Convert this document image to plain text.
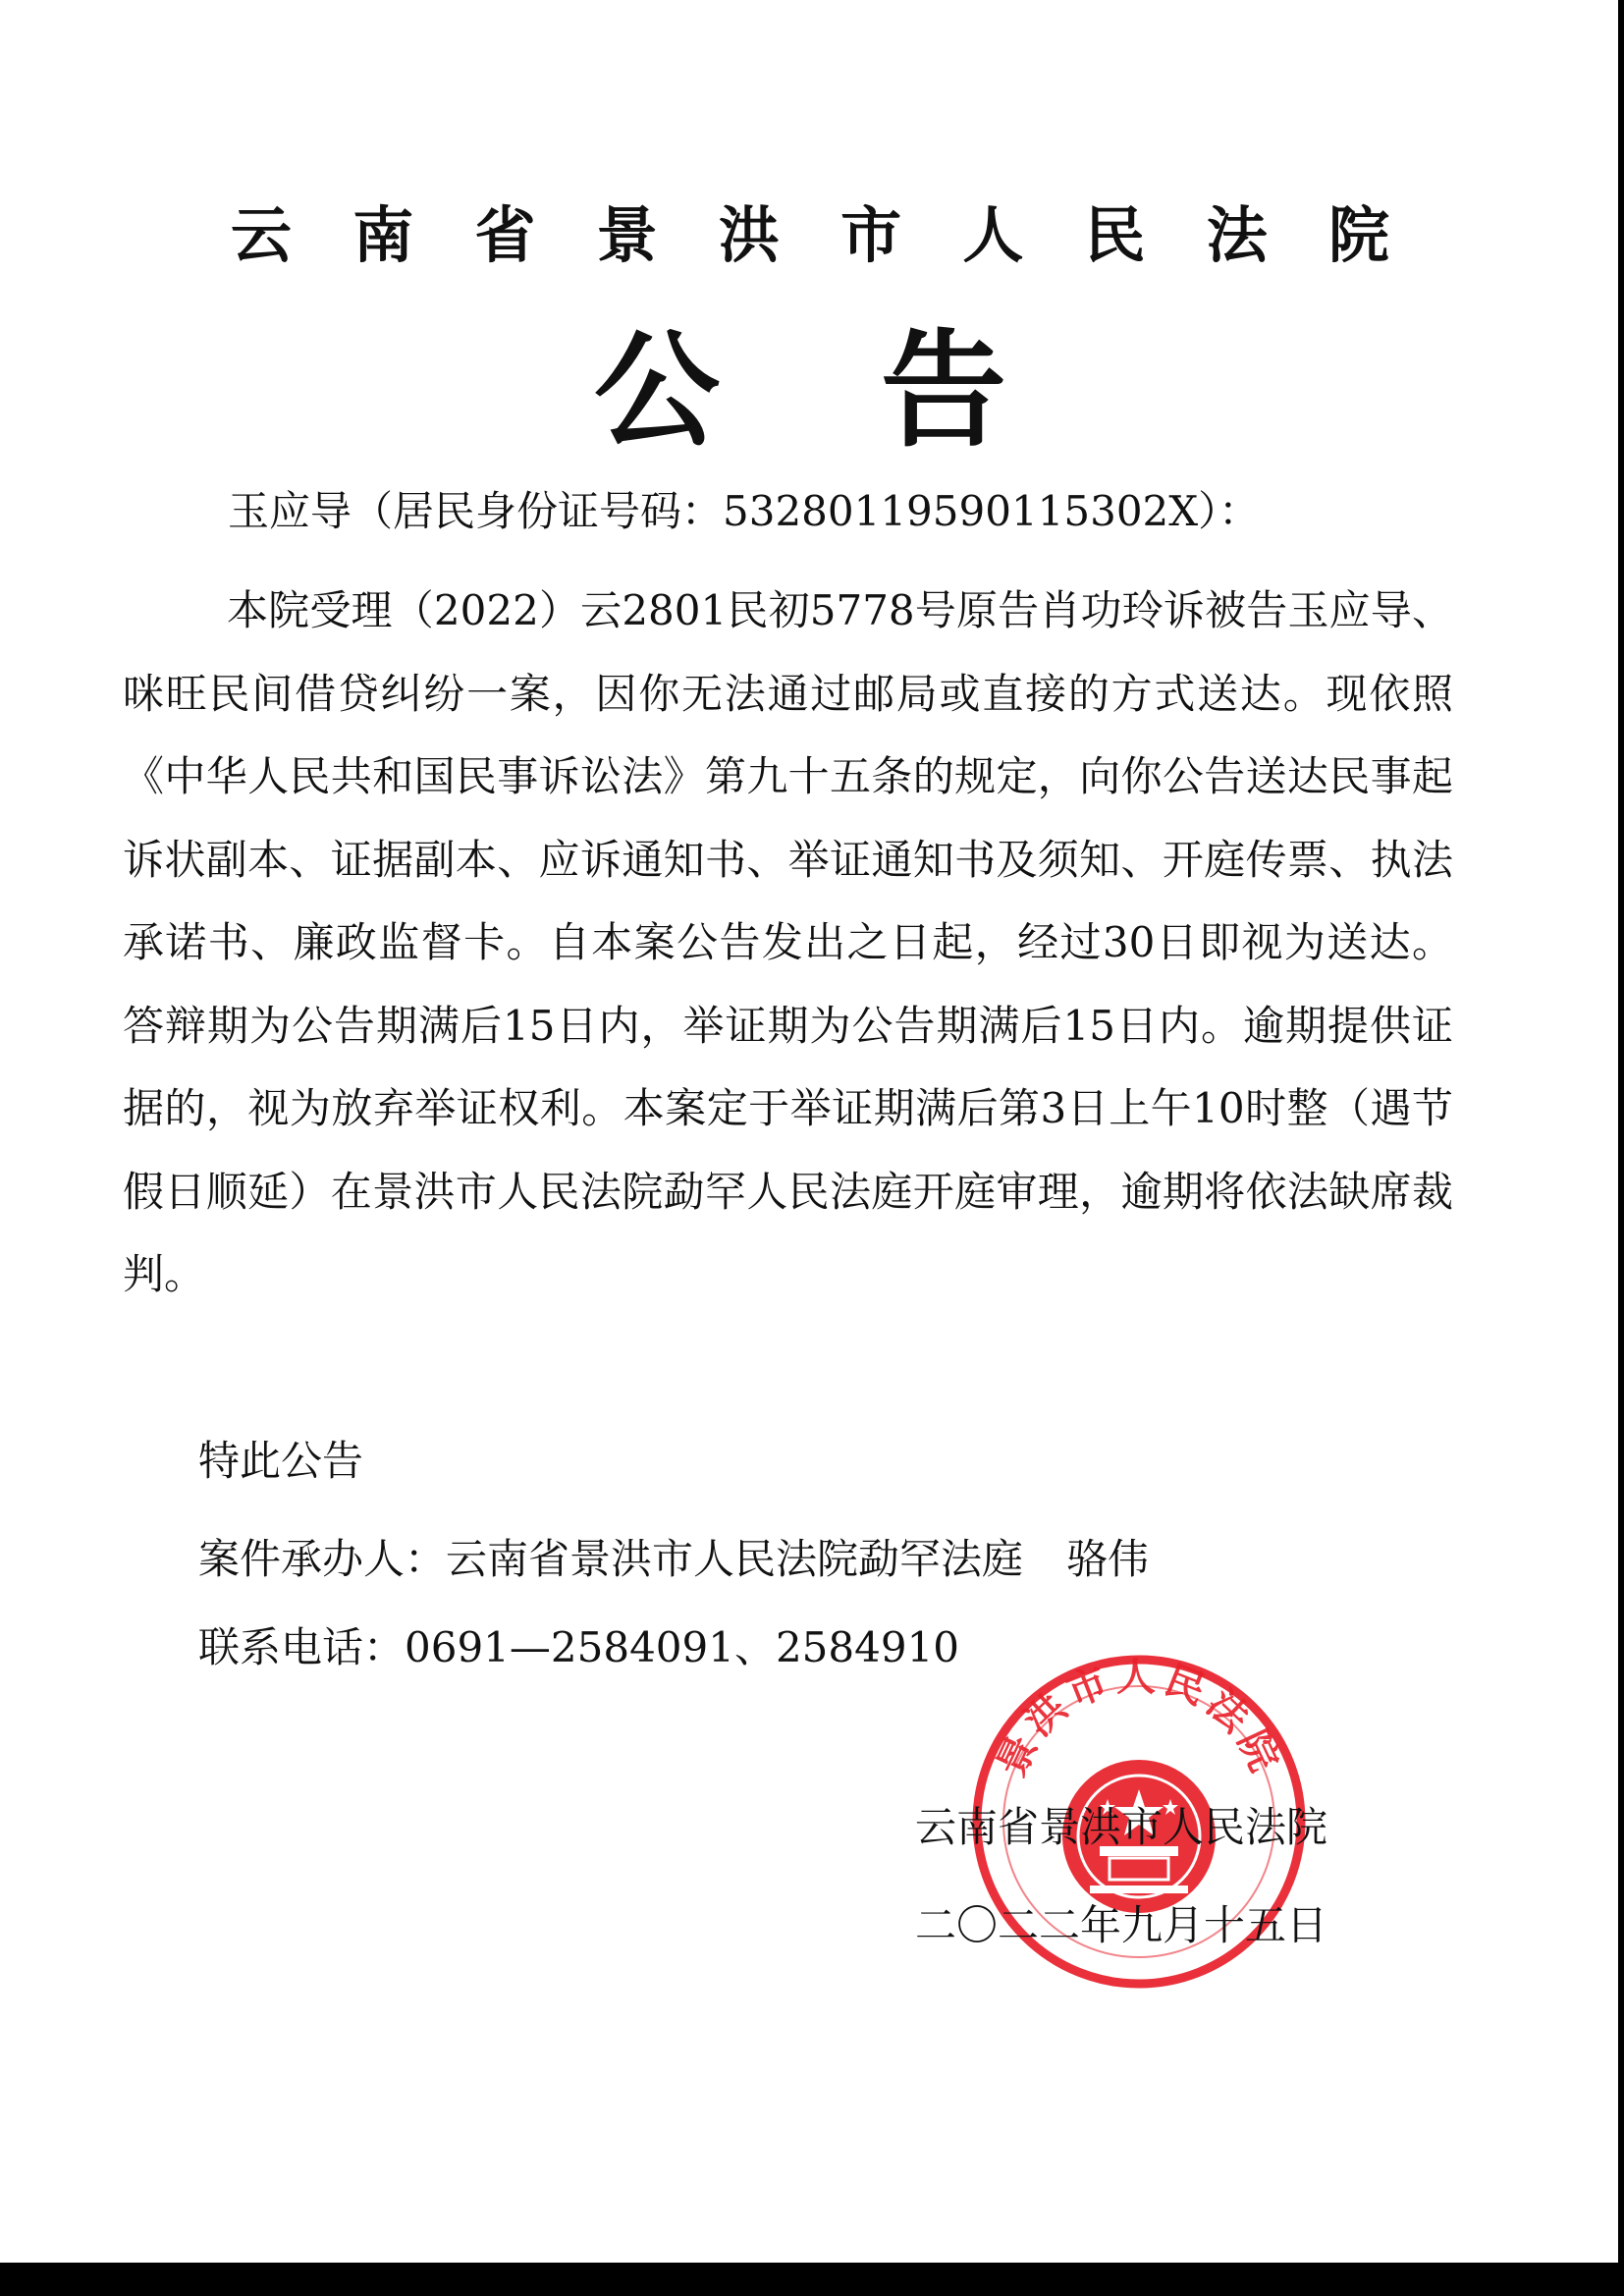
云 南 省 景 洪 市 人 民 法 院
公 告
玉应导（居民身份证号码：53280119590115302X）：

本院受理（2022）云2801民初5778号原告肖功玲诉被告玉应导、咪旺民间借贷纠纷一案，因你无法通过邮局或直接的方式送达。现依照《中华人民共和国民事诉讼法》第九十五条的规定，向你公告送达民事起诉状副本、证据副本、应诉通知书、举证通知书及须知、开庭传票、执法承诺书、廉政监督卡。自本案公告发出之日起，经过30日即视为送达。答辩期为公告期满后15日内，举证期为公告期满后15日内。逾期提供证据的，视为放弃举证权利。本案定于举证期满后第3日上午10时整（遇节假日顺延）在景洪市人民法院勐罕人民法庭开庭审理，逾期将依法缺席裁判。

特此公告
案件承办人：云南省景洪市人民法院勐罕法庭 骆伟
联系电话：0691—2584091、2584910
景洪市人民法院
云南省景洪市人民法院
二〇二二年九月十五日
